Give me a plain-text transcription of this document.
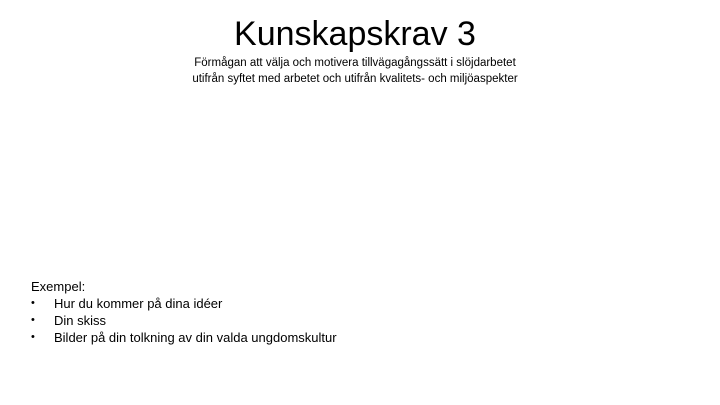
Kunskapskrav 3

Förmågan att välja och motivera tillvägagångssätt i slöjdarbetet
utifrån syftet med arbetet och utifrån kvalitets- och miljöaspekter

Exempel:
•	Hur du kommer på dina idéer
•	Din skiss
•	Bilder på din tolkning av din valda ungdomskultur
